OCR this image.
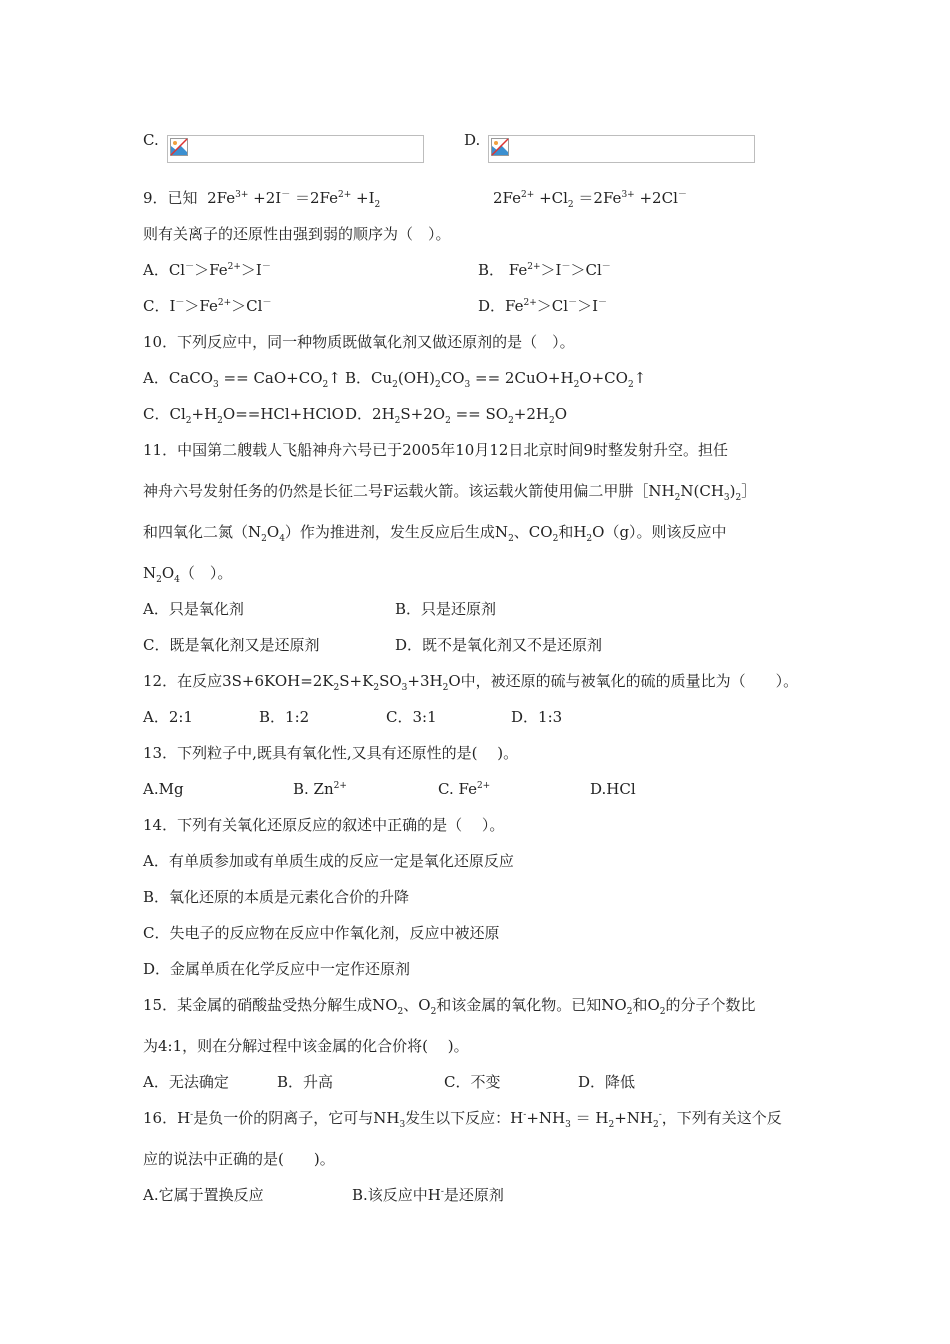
C.	D.
9．已知 $2Fe^{3+} +2I^- =2Fe^{2+} +I_2$	$2Fe^{2+} +Cl_2 =2Fe^{3+} +2Cl^-$
则有关离子的还原性由强到弱的顺序为（　）。
A．$Cl^->Fe^{2+}>I^-$	B． $Fe^{2+}>I^->Cl^-$
C．$I^->Fe^{2+}>Cl^-$	D．$Fe^{2+}>Cl^->I^-$
10．下列反应中，同一种物质既做氧化剂又做还原剂的是（　）。
A．CaCO$_3$ == $CaO+CO_2↑$ B．$Cu_2(OH)_2CO_3$ == $2CuO+H_2O+CO_2↑$
C．$Cl_2+H_2O==HCl+HClO$ D．$2H_2S+2O_2 == SO_2+2H_2O$
11．中国第二艘载人飞船神舟六号已于2005年10月12日北京时间9时整发射升空。担任
神舟六号发射任务的仍然是长征二号F运载火箭。该运载火箭使用偏二甲肼$[NH_2N(CH_3)_2]$
和四氧化二氮$(N_2O_4)$作为推进剂，发生反应后生成$N_2$、$CO_2$和$H_2O(g)$。则该反应中
$N_2O_4$（　）。
A．只是氧化剂	B．只是还原剂
C．既是氧化剂又是还原剂	D．既不是氧化剂又不是还原剂
12．在反应$3S+6KOH=2K_2S+K_2SO_3+3H_2O$中，被还原的硫与被氧化的硫的质量比为（　　）。
A．2:1	B．1:2	C．3:1	D．1:3
13．下列粒子中,既具有氧化性,又具有还原性的是(　 )。
A.Mg	B. $Zn^{2+}$	C. $Fe^{2+}$	D.HCl
14．下列有关氧化还原反应的叙述中正确的是（　 ）。
A．有单质参加或有单质生成的反应一定是氧化还原反应
B．氧化还原的本质是元素化合价的升降
C．失电子的反应物在反应中作氧化剂，反应中被还原
D．金属单质在化学反应中一定作还原剂
15．某金属的硝酸盐受热分解生成$NO_2$、$O_2$和该金属的氧化物。已知$NO_2$和$O_2$的分子个数比
为4:1，则在分解过程中该金属的化合价将(　 )。
A．无法确定	B．升高	C．不变	D．降低
16．H-是负一价的阴离子，它可与$NH_3$发生以下反应：$H^-+NH_3 = H_2+NH_2^-$，下列有关这个反
应的说法中正确的是(　　)。
A.它属于置换反应	B.该反应中H-是还原剂
